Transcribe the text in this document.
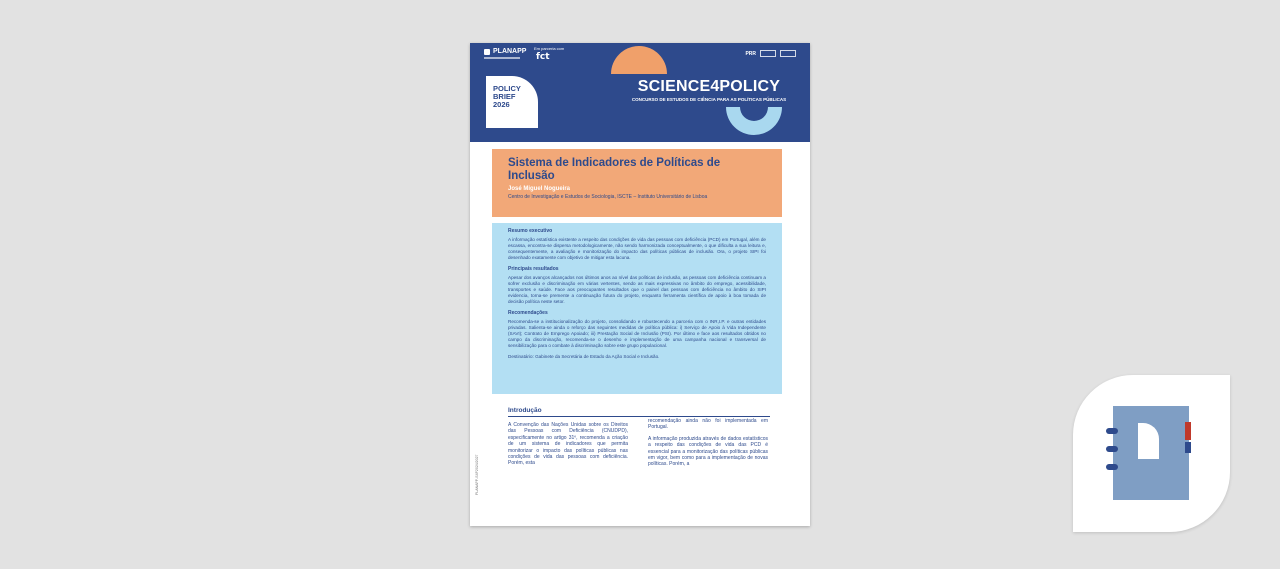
PLANAPP Em parceria com
fct	PRR
POLICY
BRIEF
2026
SCIENCE4POLICY
CONCURSO DE ESTUDOS DE CIÊNCIA PARA AS POLÍTICAS PÚBLICAS

Sistema de Indicadores de Políticas de Inclusão

José Miguel Nogueira
Centro de Investigação e Estudos de Sociologia, ISCTE – Instituto Universitário de Lisboa

Resumo executivo

A informação estatística existente a respeito das condições de vida das pessoas com deficiência (PCD) em Portugal, além de escassa, encontra-se dispersa metodologicamente, não sendo harmonizada conceptualmente, o que dificulta a sua leitura e, consequentemente, a avaliação e monitorização do impacto das políticas públicas de inclusão. Ora, o projeto SIPI foi desenhado exatamente com objetivo de mitigar esta lacuna.

Principais resultados

Apesar dos avanços alcançados nos últimos anos ao nível das políticas de inclusão, as pessoas com deficiência continuam a sofrer exclusão e discriminação em várias vertentes, sendo as mais expressivas no âmbito do emprego, acessibilidade, transportes e saúde. Face aos preocupantes resultados que o painel das pessoas com deficiência no âmbito do SIPI evidencia, torna-se premente a continuação futura do projeto, enquanto ferramenta científica de apoio à boa tomada de decisão política neste setor.

Recomendações

Recomenda-se a institucionalização do projeto, consolidando e robustecendo a parceria com o INR,I.P. e outras entidades privadas. Salienta-se ainda o reforço das seguintes medidas de política pública: i) Serviço de Apoio à Vida Independente (SAVI); Contrato de Emprego Apoiado; iii) Prestação Social de Inclusão (PSI). Por último e face aos resultados obtidos no campo da discriminação, recomenda-se o desenho e implementação de uma campanha nacional e transversal de sensibilização para o combate à discriminação sobre este grupo populacional.

Destinatário: Gabinete da Secretária de Estado da Ação Social e Inclusão.

PLANAPP-S4P2024/2027
Introdução

A Convenção das Nações Unidas sobre os Direitos das Pessoas com Deficiência (CNUDPD), especificamente no artigo 31º, recomenda a criação de um sistema de indicadores que permita monitorizar o impacto das políticas públicas nas condições de vida das pessoas com deficiência. Porém, esta

recomendação ainda não foi implementada em Portugal.

A informação produzida através de dados estatísticos a respeito das condições de vida das PCD é essencial para a monitorização das políticas públicas em vigor, bem como para a implementação de novas políticas. Porém, a
